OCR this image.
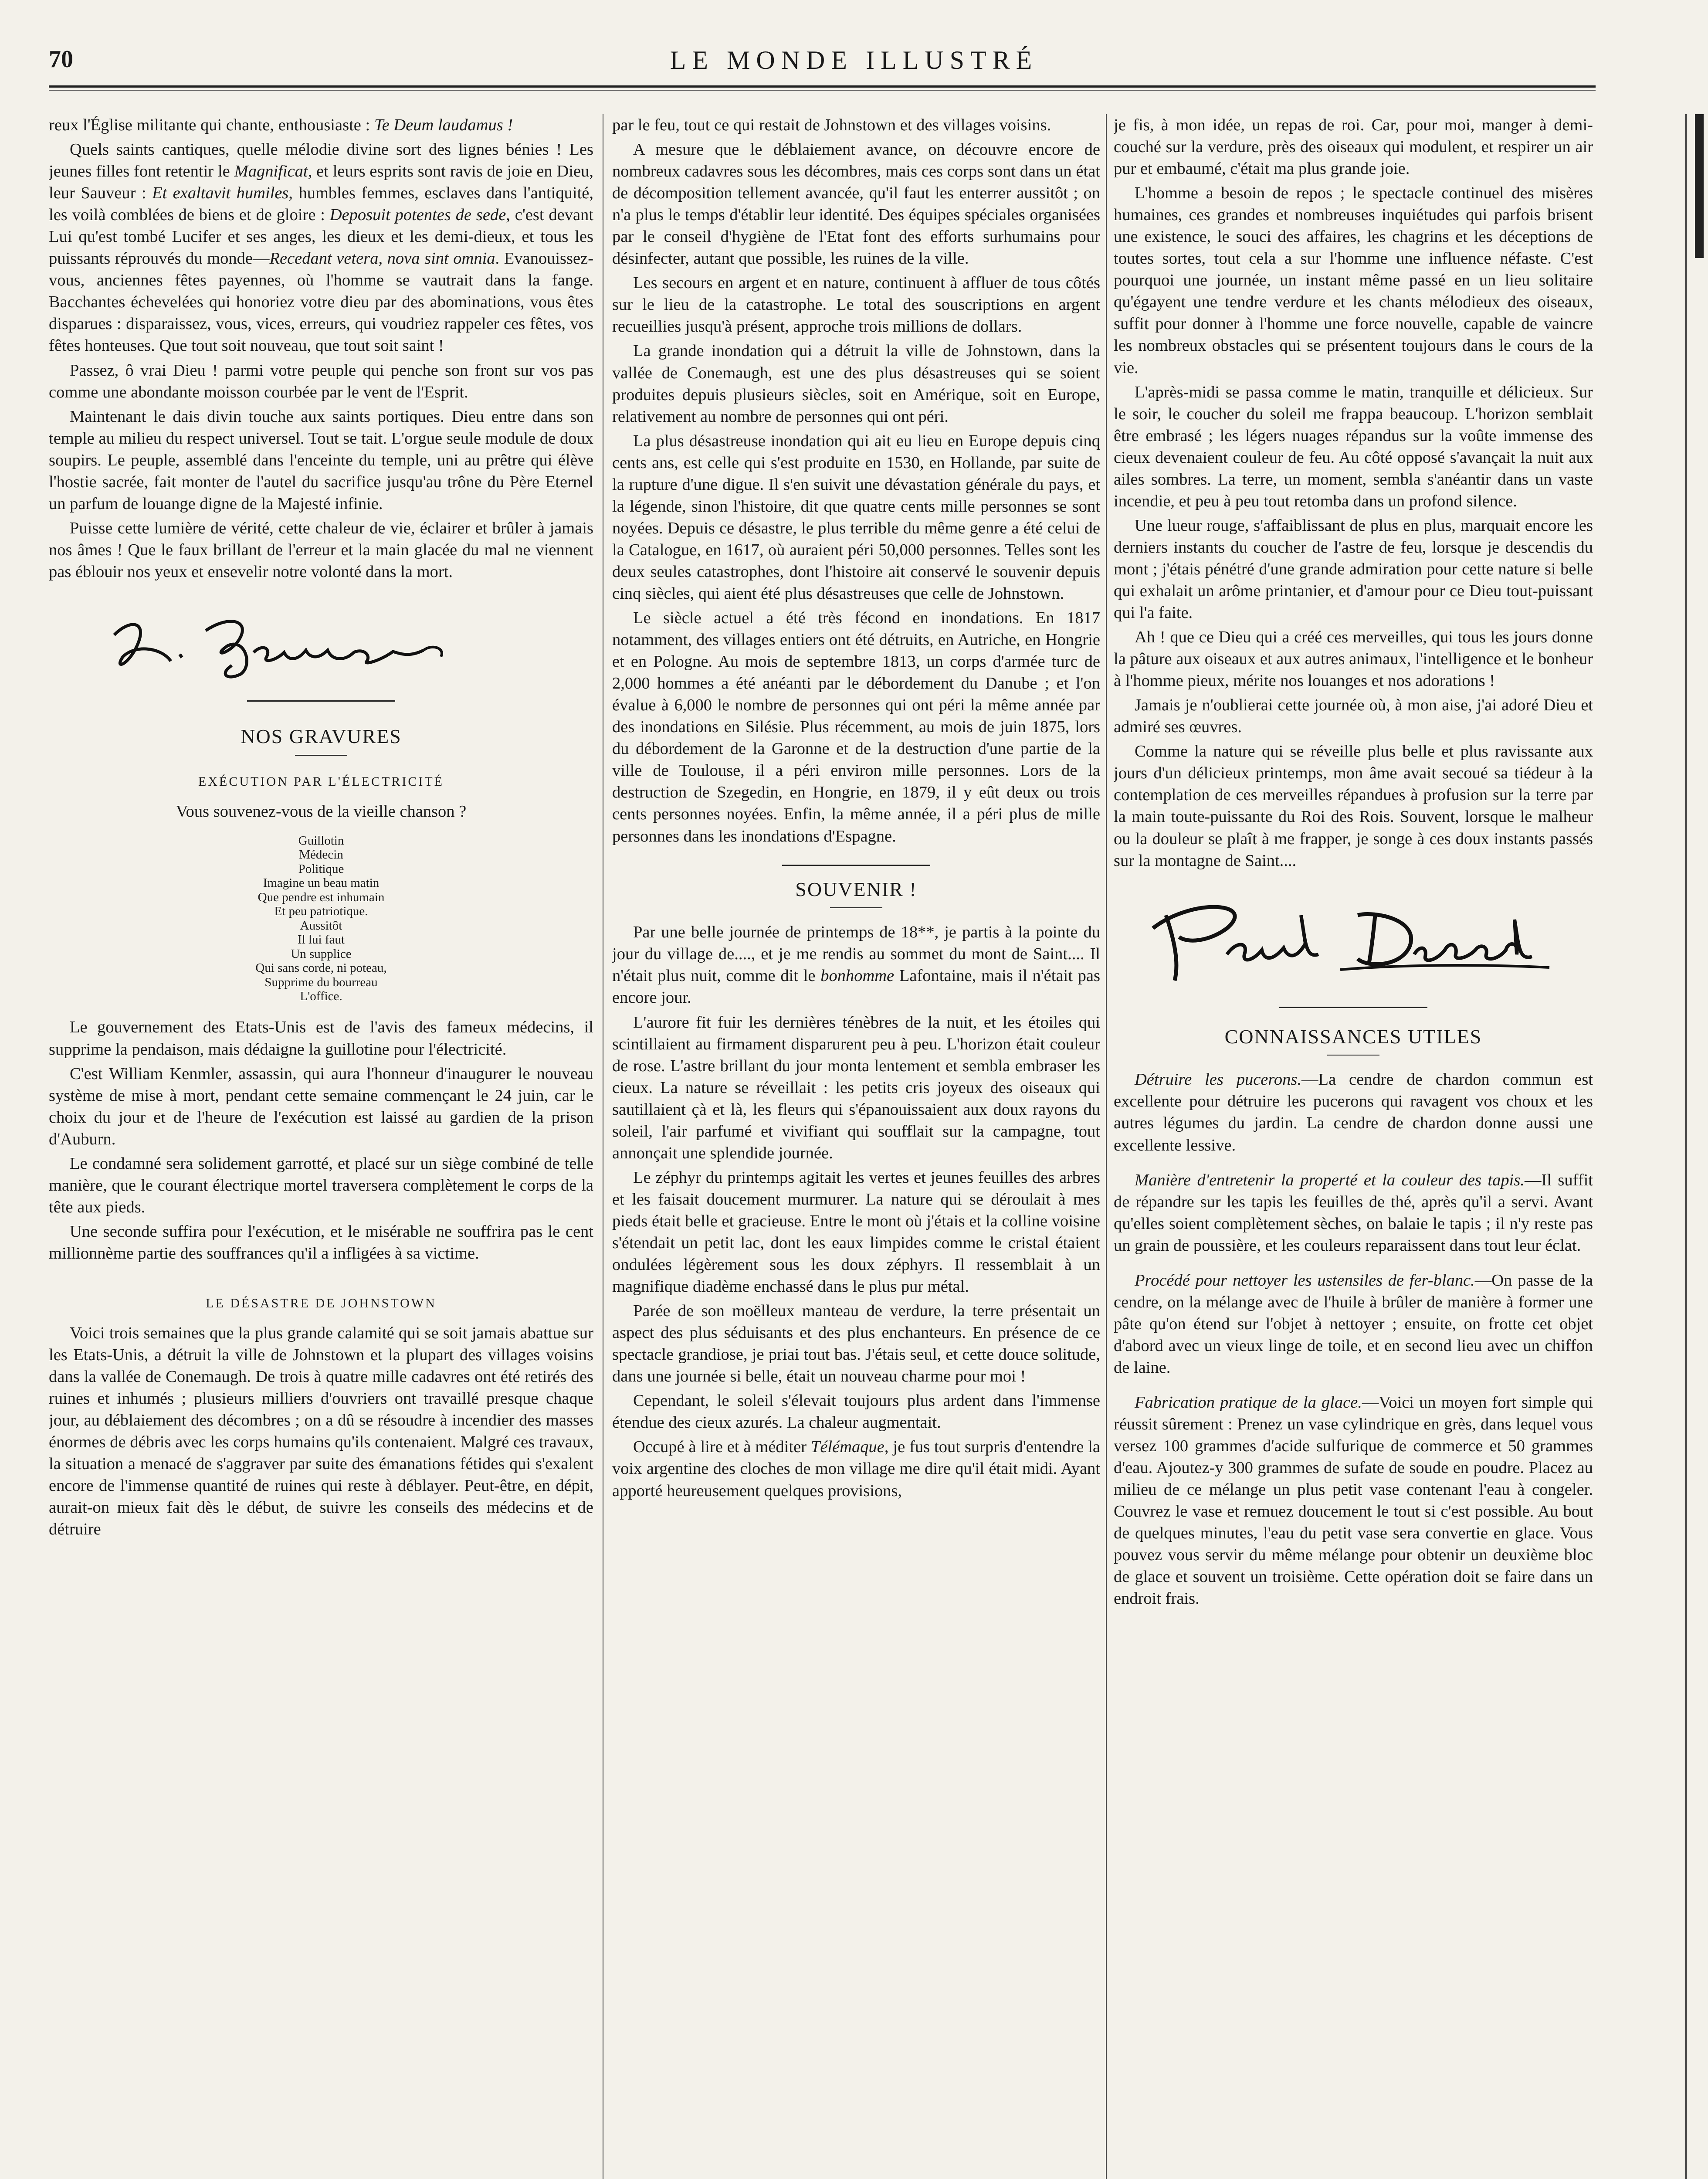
70	LE MONDE ILLUSTRÉ

reux l'Église militante qui chante, enthousiaste : Te Deum laudamus !

Quels saints cantiques, quelle mélodie divine sort des lignes bénies ! Les jeunes filles font retentir le Magnificat, et leurs esprits sont ravis de joie en Dieu, leur Sauveur : Et exaltavit humiles, humbles femmes, esclaves dans l'antiquité, les voilà comblées de biens et de gloire : Deposuit potentes de sede, c'est devant Lui qu'est tombé Lucifer et ses anges, les dieux et les demi-dieux, et tous les puissants réprouvés du monde—Recedant vetera, nova sint omnia. Evanouissez-vous, anciennes fêtes payennes, où l'homme se vautrait dans la fange. Bacchantes échevelées qui honoriez votre dieu par des abominations, vous êtes disparues : disparaissez, vous, vices, erreurs, qui voudriez rappeler ces fêtes, vos fêtes honteuses. Que tout soit nouveau, que tout soit saint !

Passez, ô vrai Dieu ! parmi votre peuple qui penche son front sur vos pas comme une abondante moisson courbée par le vent de l'Esprit.

Maintenant le dais divin touche aux saints portiques. Dieu entre dans son temple au milieu du respect universel. Tout se tait. L'orgue seule module de doux soupirs. Le peuple, assemblé dans l'enceinte du temple, uni au prêtre qui élève l'hostie sacrée, fait monter de l'autel du sacrifice jusqu'au trône du Père Eternel un parfum de louange digne de la Majesté infinie.

Puisse cette lumière de vérité, cette chaleur de vie, éclairer et brûler à jamais nos âmes ! Que le faux brillant de l'erreur et la main glacée du mal ne viennent pas éblouir nos yeux et ensevelir notre volonté dans la mort.

NOS GRAVURES
EXÉCUTION PAR L'ÉLECTRICITÉ

Vous souvenez-vous de la vieille chanson ?

Guillotin
Médecin
Politique
Imagine un beau matin
Que pendre est inhumain
Et peu patriotique.
Aussitôt
Il lui faut
Un supplice
Qui sans corde, ni poteau,
Supprime du bourreau
L'office.

Le gouvernement des Etats-Unis est de l'avis des fameux médecins, il supprime la pendaison, mais dédaigne la guillotine pour l'électricité.

C'est William Kenmler, assassin, qui aura l'honneur d'inaugurer le nouveau système de mise à mort, pendant cette semaine commençant le 24 juin, car le choix du jour et de l'heure de l'exécution est laissé au gardien de la prison d'Auburn.

Le condamné sera solidement garrotté, et placé sur un siège combiné de telle manière, que le courant électrique mortel traversera complètement le corps de la tête aux pieds.

Une seconde suffira pour l'exécution, et le misérable ne souffrira pas le cent millionnème partie des souffrances qu'il a infligées à sa victime.

LE DÉSASTRE DE JOHNSTOWN

Voici trois semaines que la plus grande calamité qui se soit jamais abattue sur les Etats-Unis, a détruit la ville de Johnstown et la plupart des villages voisins dans la vallée de Conemaugh. De trois à quatre mille cadavres ont été retirés des ruines et inhumés ; plusieurs milliers d'ouvriers ont travaillé presque chaque jour, au déblaiement des décombres ; on a dû se résoudre à incendier des masses énormes de débris avec les corps humains qu'ils contenaient. Malgré ces travaux, la situation a menacé de s'aggraver par suite des émanations fétides qui s'exalent encore de l'immense quantité de ruines qui reste à déblayer. Peut-être, en dépit, aurait-on mieux fait dès le début, de suivre les conseils des médecins et de détruire

par le feu, tout ce qui restait de Johnstown et des villages voisins.

A mesure que le déblaiement avance, on découvre encore de nombreux cadavres sous les décombres, mais ces corps sont dans un état de décomposition tellement avancée, qu'il faut les enterrer aussitôt ; on n'a plus le temps d'établir leur identité. Des équipes spéciales organisées par le conseil d'hygiène de l'Etat font des efforts surhumains pour désinfecter, autant que possible, les ruines de la ville.

Les secours en argent et en nature, continuent à affluer de tous côtés sur le lieu de la catastrophe. Le total des souscriptions en argent recueillies jusqu'à présent, approche trois millions de dollars.

La grande inondation qui a détruit la ville de Johnstown, dans la vallée de Conemaugh, est une des plus désastreuses qui se soient produites depuis plusieurs siècles, soit en Amérique, soit en Europe, relativement au nombre de personnes qui ont péri.

La plus désastreuse inondation qui ait eu lieu en Europe depuis cinq cents ans, est celle qui s'est produite en 1530, en Hollande, par suite de la rupture d'une digue. Il s'en suivit une dévastation générale du pays, et la légende, sinon l'histoire, dit que quatre cents mille personnes se sont noyées. Depuis ce désastre, le plus terrible du même genre a été celui de la Catalogue, en 1617, où auraient péri 50,000 personnes. Telles sont les deux seules catastrophes, dont l'histoire ait conservé le souvenir depuis cinq siècles, qui aient été plus désastreuses que celle de Johnstown.

Le siècle actuel a été très fécond en inondations. En 1817 notamment, des villages entiers ont été détruits, en Autriche, en Hongrie et en Pologne. Au mois de septembre 1813, un corps d'armée turc de 2,000 hommes a été anéanti par le débordement du Danube ; et l'on évalue à 6,000 le nombre de personnes qui ont péri la même année par des inondations en Silésie. Plus récemment, au mois de juin 1875, lors du débordement de la Garonne et de la destruction d'une partie de la ville de Toulouse, il a péri environ mille personnes. Lors de la destruction de Szegedin, en Hongrie, en 1879, il y eût deux ou trois cents personnes noyées. Enfin, la même année, il a péri plus de mille personnes dans les inondations d'Espagne.

SOUVENIR !

Par une belle journée de printemps de 18**, je partis à la pointe du jour du village de...., et je me rendis au sommet du mont de Saint.... Il n'était plus nuit, comme dit le bonhomme Lafontaine, mais il n'était pas encore jour.

L'aurore fit fuir les dernières ténèbres de la nuit, et les étoiles qui scintillaient au firmament disparurent peu à peu. L'horizon était couleur de rose. L'astre brillant du jour monta lentement et sembla embraser les cieux. La nature se réveillait : les petits cris joyeux des oiseaux qui sautillaient çà et là, les fleurs qui s'épanouissaient aux doux rayons du soleil, l'air parfumé et vivifiant qui soufflait sur la campagne, tout annonçait une splendide journée.

Le zéphyr du printemps agitait les vertes et jeunes feuilles des arbres et les faisait doucement murmurer. La nature qui se déroulait à mes pieds était belle et gracieuse. Entre le mont où j'étais et la colline voisine s'étendait un petit lac, dont les eaux limpides comme le cristal étaient ondulées légèrement sous les doux zéphyrs. Il ressemblait à un magnifique diadème enchassé dans le plus pur métal.

Parée de son moëlleux manteau de verdure, la terre présentait un aspect des plus séduisants et des plus enchanteurs. En présence de ce spectacle grandiose, je priai tout bas. J'étais seul, et cette douce solitude, dans une journée si belle, était un nouveau charme pour moi !

Cependant, le soleil s'élevait toujours plus ardent dans l'immense étendue des cieux azurés. La chaleur augmentait.

Occupé à lire et à méditer Télémaque, je fus tout surpris d'entendre la voix argentine des cloches de mon village me dire qu'il était midi. Ayant apporté heureusement quelques provisions,

je fis, à mon idée, un repas de roi. Car, pour moi, manger à demi-couché sur la verdure, près des oiseaux qui modulent, et respirer un air pur et embaumé, c'était ma plus grande joie.

L'homme a besoin de repos ; le spectacle continuel des misères humaines, ces grandes et nombreuses inquiétudes qui parfois brisent une existence, le souci des affaires, les chagrins et les déceptions de toutes sortes, tout cela a sur l'homme une influence néfaste. C'est pourquoi une journée, un instant même passé en un lieu solitaire qu'égayent une tendre verdure et les chants mélodieux des oiseaux, suffit pour donner à l'homme une force nouvelle, capable de vaincre les nombreux obstacles qui se présentent toujours dans le cours de la vie.

L'après-midi se passa comme le matin, tranquille et délicieux. Sur le soir, le coucher du soleil me frappa beaucoup. L'horizon semblait être embrasé ; les légers nuages répandus sur la voûte immense des cieux devenaient couleur de feu. Au côté opposé s'avançait la nuit aux ailes sombres. La terre, un moment, sembla s'anéantir dans un vaste incendie, et peu à peu tout retomba dans un profond silence.

Une lueur rouge, s'affaiblissant de plus en plus, marquait encore les derniers instants du coucher de l'astre de feu, lorsque je descendis du mont ; j'étais pénétré d'une grande admiration pour cette nature si belle qui exhalait un arôme printanier, et d'amour pour ce Dieu tout-puissant qui l'a faite.

Ah ! que ce Dieu qui a créé ces merveilles, qui tous les jours donne la pâture aux oiseaux et aux autres animaux, l'intelligence et le bonheur à l'homme pieux, mérite nos louanges et nos adorations !

Jamais je n'oublierai cette journée où, à mon aise, j'ai adoré Dieu et admiré ses œuvres.

Comme la nature qui se réveille plus belle et plus ravissante aux jours d'un délicieux printemps, mon âme avait secoué sa tiédeur à la contemplation de ces merveilles répandues à profusion sur la terre par la main toute-puissante du Roi des Rois. Souvent, lorsque le malheur ou la douleur se plaît à me frapper, je songe à ces doux instants passés sur la montagne de Saint....

CONNAISSANCES UTILES

Détruire les pucerons.—La cendre de chardon commun est excellente pour détruire les pucerons qui ravagent vos choux et les autres légumes du jardin. La cendre de chardon donne aussi une excellente lessive.

Manière d'entretenir la properté et la couleur des tapis.—Il suffit de répandre sur les tapis les feuilles de thé, après qu'il a servi. Avant qu'elles soient complètement sèches, on balaie le tapis ; il n'y reste pas un grain de poussière, et les couleurs reparaissent dans tout leur éclat.

Procédé pour nettoyer les ustensiles de fer-blanc.—On passe de la cendre, on la mélange avec de l'huile à brûler de manière à former une pâte qu'on étend sur l'objet à nettoyer ; ensuite, on frotte cet objet d'abord avec un vieux linge de toile, et en second lieu avec un chiffon de laine.

Fabrication pratique de la glace.—Voici un moyen fort simple qui réussit sûrement : Prenez un vase cylindrique en grès, dans lequel vous versez 100 grammes d'acide sulfurique de commerce et 50 grammes d'eau. Ajoutez-y 300 grammes de sufate de soude en poudre. Placez au milieu de ce mélange un plus petit vase contenant l'eau à congeler. Couvrez le vase et remuez doucement le tout si c'est possible. Au bout de quelques minutes, l'eau du petit vase sera convertie en glace. Vous pouvez vous servir du même mélange pour obtenir un deuxième bloc de glace et souvent un troisième. Cette opération doit se faire dans un endroit frais.
